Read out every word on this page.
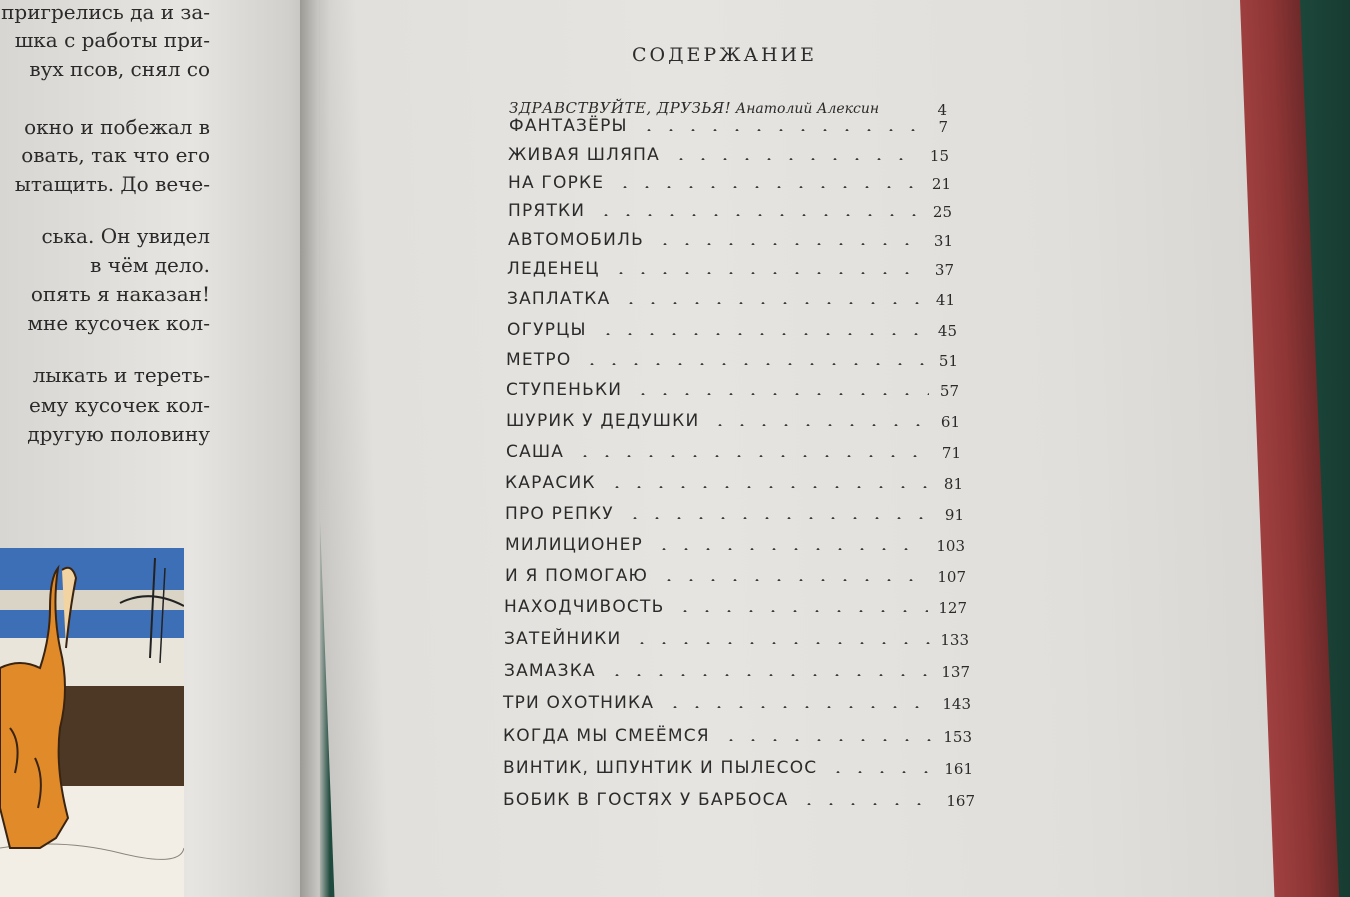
пригрелись да и за-
шка с работы при-
вух псов, снял со
окно и побежал в
овать, так что его
ытащить. До вече-
ська. Он увидел
в чём дело.
опять я наказан!
мне кусочек кол-
лыкать и тереть-
ему кусочек кол-
другую половину
СОДЕРЖАНИЕ
ЗДРАВСТВУЙТЕ, ДРУЗЬЯ! Анатолий Алексин	4
ФАНТАЗЁРЫ	7
ЖИВАЯ ШЛЯПА	15
НА ГОРКЕ	21
ПРЯТКИ	25
АВТОМОБИЛЬ	31
ЛЕДЕНЕЦ	37
ЗАПЛАТКА	41
ОГУРЦЫ	45
МЕТРО	51
СТУПЕНЬКИ	57
ШУРИК У ДЕДУШКИ	61
САША	71
КАРАСИК	81
ПРО РЕПКУ	91
МИЛИЦИОНЕР	103
И Я ПОМОГАЮ	107
НАХОДЧИВОСТЬ	127
ЗАТЕЙНИКИ	133
ЗАМАЗКА	137
ТРИ ОХОТНИКА	143
КОГДА МЫ СМЕЁМСЯ	153
ВИНТИК, ШПУНТИК И ПЫЛЕСОС	161
БОБИК В ГОСТЯХ У БАРБОСА	167
